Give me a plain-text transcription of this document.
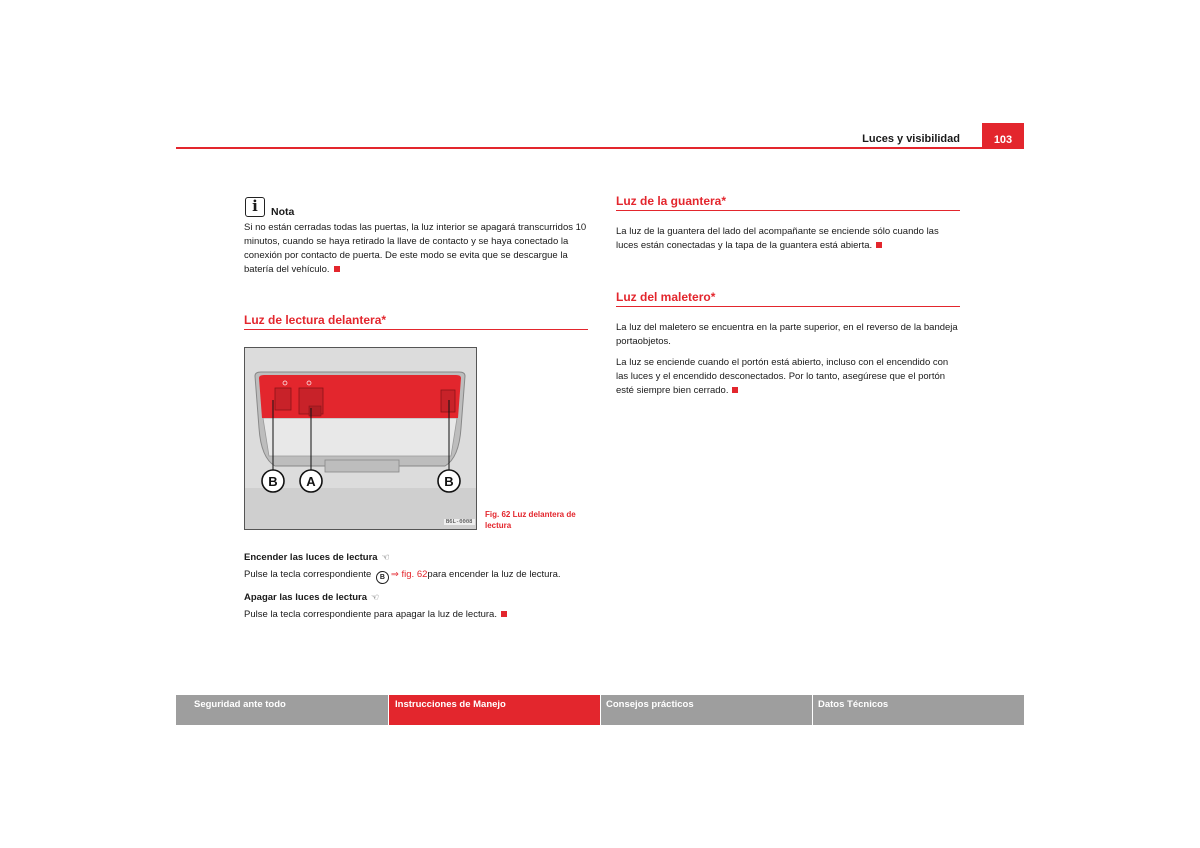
Luces y visibilidad	103
i	Nota
Si no están cerradas todas las puertas, la luz interior se apagará transcurridos 10 minutos, cuando se haya retirado la llave de contacto y se haya conectado la conexión por contacto de puerta. De este modo se evita que se descargue la batería del vehículo.
Luz de lectura delantera*
B A	B
B6L-0008
Fig. 62 Luz delantera de lectura
Encender las luces de lectura ☜
Pulse la tecla correspondiente B ⇒ fig. 62para encender la luz de lectura.
Apagar las luces de lectura ☜
Pulse la tecla correspondiente para apagar la luz de lectura.
Luz de la guantera*
La luz de la guantera del lado del acompañante se enciende sólo cuando las luces están conectadas y la tapa de la guantera está abierta.
Luz del maletero*
La luz del maletero se encuentra en la parte superior, en el reverso de la bandeja portaobjetos.
La luz se enciende cuando el portón está abierto, incluso con el encendido con las luces y el encendido desconectados. Por lo tanto, asegúrese que el portón esté siempre bien cerrado.
Seguridad ante todo	Instrucciones de Manejo	Consejos prácticos	Datos Técnicos
